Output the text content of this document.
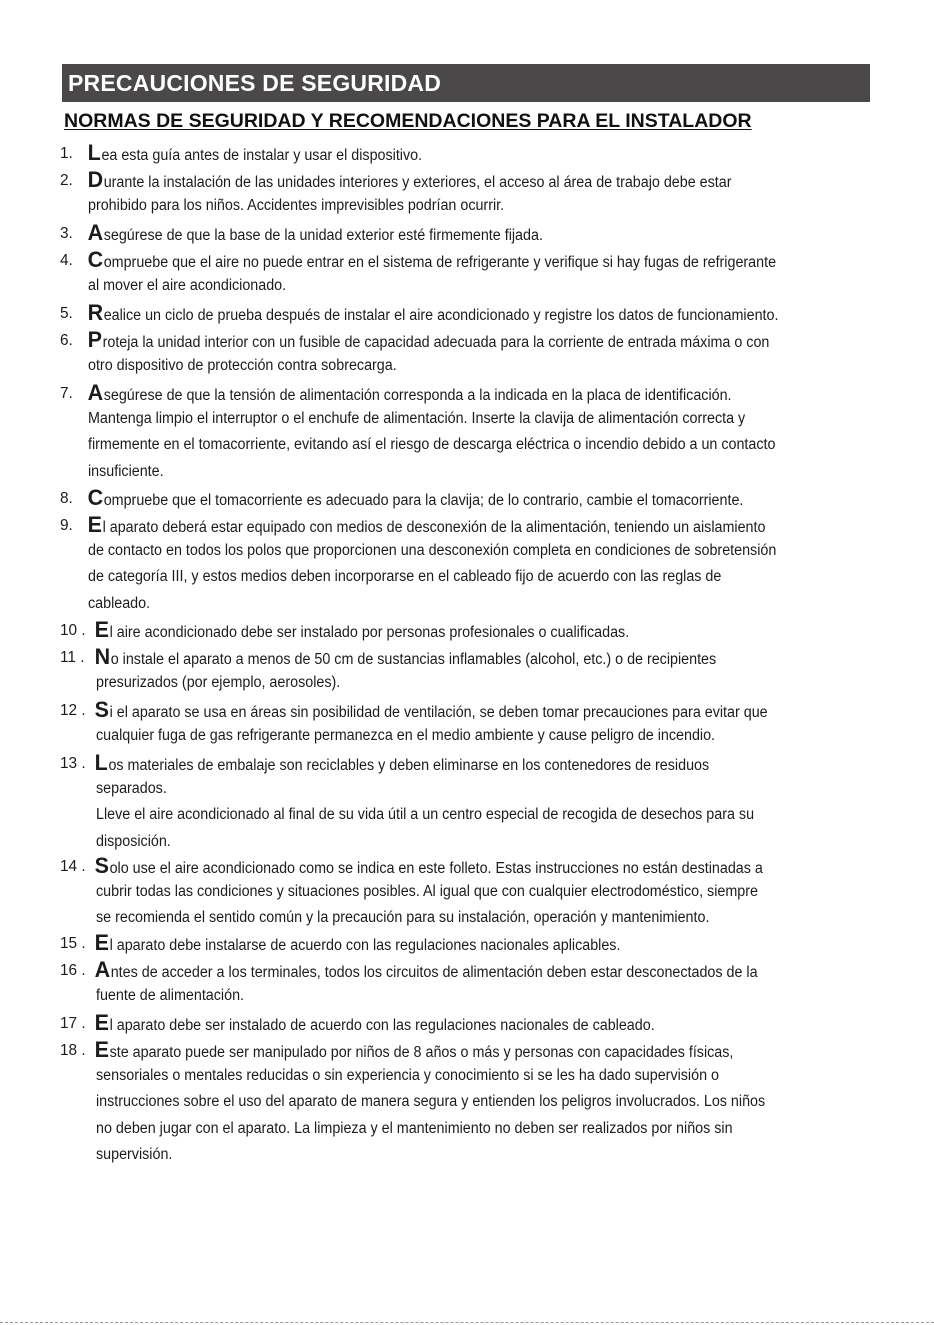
PRECAUCIONES DE SEGURIDAD
NORMAS DE SEGURIDAD Y RECOMENDACIONES PARA EL INSTALADOR
1. Lea esta guía antes de instalar y usar el dispositivo.
2. Durante la instalación de las unidades interiores y exteriores, el acceso al área de trabajo debe estar
prohibido para los niños. Accidentes imprevisibles podrían ocurrir.
3. Asegúrese de que la base de la unidad exterior esté firmemente fijada.
4. Compruebe que el aire no puede entrar en el sistema de refrigerante y verifique si hay fugas de refrigerante
al mover el aire acondicionado.
5. Realice un ciclo de prueba después de instalar el aire acondicionado y registre los datos de funcionamiento.
6. Proteja la unidad interior con un fusible de capacidad adecuada para la corriente de entrada máxima o con
otro dispositivo de protección contra sobrecarga.
7. Asegúrese de que la tensión de alimentación corresponda a la indicada en la placa de identificación.
Mantenga limpio el interruptor o el enchufe de alimentación. Inserte la clavija de alimentación correcta y
firmemente en el tomacorriente, evitando así el riesgo de descarga eléctrica o incendio debido a un contacto
insuficiente.
8. Compruebe que el tomacorriente es adecuado para la clavija; de lo contrario, cambie el tomacorriente.
9. El aparato deberá estar equipado con medios de desconexión de la alimentación, teniendo un aislamiento
de contacto en todos los polos que proporcionen una desconexión completa en condiciones de sobretensión
de categoría III, y estos medios deben incorporarse en el cableado fijo de acuerdo con las reglas de
cableado.
10 . El aire acondicionado debe ser instalado por personas profesionales o cualificadas.
11 . No instale el aparato a menos de 50 cm de sustancias inflamables (alcohol, etc.) o de recipientes
presurizados (por ejemplo, aerosoles).
12 . Si el aparato se usa en áreas sin posibilidad de ventilación, se deben tomar precauciones para evitar que
cualquier fuga de gas refrigerante permanezca en el medio ambiente y cause peligro de incendio.
13 . Los materiales de embalaje son reciclables y deben eliminarse en los contenedores de residuos
separados.
Lleve el aire acondicionado al final de su vida útil a un centro especial de recogida de desechos para su
disposición.
14 . Solo use el aire acondicionado como se indica en este folleto. Estas instrucciones no están destinadas a
cubrir todas las condiciones y situaciones posibles. Al igual que con cualquier electrodoméstico, siempre
se recomienda el sentido común y la precaución para su instalación, operación y mantenimiento.
15 . El aparato debe instalarse de acuerdo con las regulaciones nacionales aplicables.
16 . Antes de acceder a los terminales, todos los circuitos de alimentación deben estar desconectados de la
fuente de alimentación.
17 . El aparato debe ser instalado de acuerdo con las regulaciones nacionales de cableado.
18 . Este aparato puede ser manipulado por niños de 8 años o más y personas con capacidades físicas,
sensoriales o mentales reducidas o sin experiencia y conocimiento si se les ha dado supervisión o
instrucciones sobre el uso del aparato de manera segura y entienden los peligros involucrados. Los niños
no deben jugar con el aparato. La limpieza y el mantenimiento no deben ser realizados por niños sin
supervisión.
